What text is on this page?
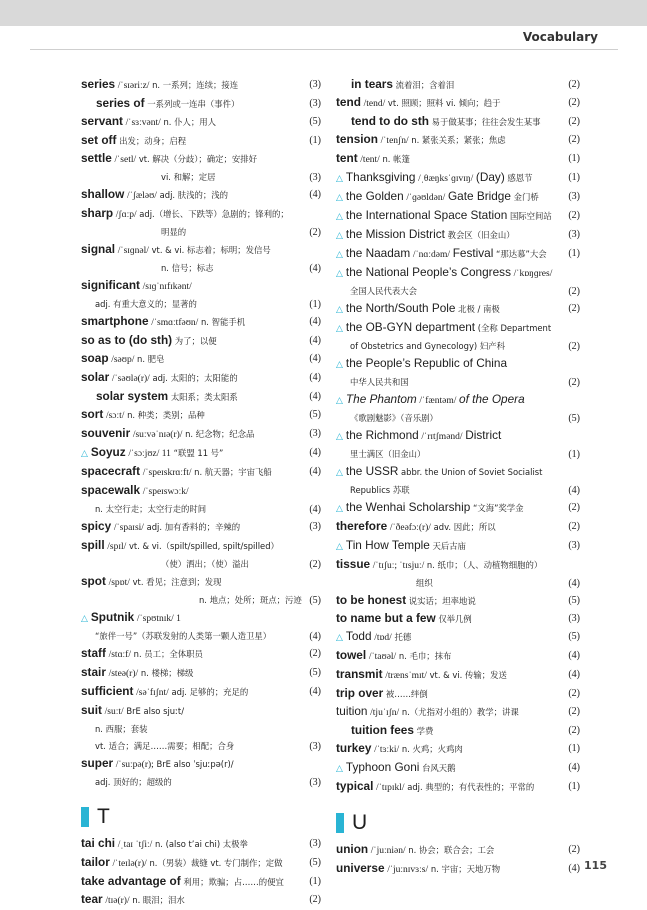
Vocabulary
series /ˈsɪəriːz/ n. 一系列；连续；接连	(3)
series of 一系列或一连串（事件）	(3)
servant /ˈsɜːvənt/ n. 仆人；用人	(5)
set off 出发；动身；启程	(1)
settle /ˈsetl/ vt. 解决（分歧）；确定；安排好
vi. 和解；定居	(3)
shallow /ˈʃæləʊ/ adj. 肤浅的；浅的	(4)
sharp /ʃɑːp/ adj.（增长、下跌等）急剧的；锋利的；
明显的	(2)
signal /ˈsɪɡnəl/ vt. & vi. 标志着；标明；发信号
n. 信号；标志	(4)
significant /sɪɡˈnɪfɪkənt/
adj. 有重大意义的；显著的	(1)
smartphone /ˈsmɑːtfəʊn/ n. 智能手机	(4)
so as to (do sth) 为了；以便	(4)
soap /səʊp/ n. 肥皂	(4)
solar /ˈsəʊlə(r)/ adj. 太阳的；太阳能的	(4)
solar system 太阳系；类太阳系	(4)
sort /sɔːt/ n. 种类；类别；品种	(5)
souvenir /suːvəˈnɪə(r)/ n. 纪念物；纪念品	(3)
△ Soyuz /ˈsɔːjʊz/ 11 “联盟 11 号”	(4)
spacecraft /ˈspeɪskrɑːft/ n. 航天器；宇宙飞船	(4)
spacewalk /ˈspeɪswɔːk/
n. 太空行走；太空行走的时间	(4)
spicy /ˈspaɪsi/ adj. 加有香料的；辛辣的	(3)
spill /spɪl/ vt. & vi.（spilt/spilled, spilt/spilled）
（使）洒出；（使）溢出	(2)
spot /spɒt/ vt. 看见；注意到；发现
n. 地点；处所；斑点；污迹 (5)
△ Sputnik /ˈspʊtnɪk/ 1
“旅伴一号”（苏联发射的人类第一颗人造卫星）	(4)
staff /stɑːf/ n. 员工；全体职员	(2)
stair /steə(r)/ n. 楼梯；梯级	(5)
sufficient /səˈfɪʃnt/ adj. 足够的；充足的	(4)
suit /suːt/ BrE also sjuːt/
n. 西服；套装
vt. 适合；满足……需要；相配；合身	(3)
super /ˈsuːpə(r); BrE also ˈsjuːpə(r)/
adj. 顶好的；超级的	(3)
T
tai chi /ˌtaɪ ˈtʃiː/ n. (also t’ai chi) 太极拳	(3)
tailor /ˈteɪlə(r)/ n.（男装）裁缝 vt. 专门制作；定做	(5)
take advantage of 利用；欺骗；占……的便宜	(1)
tear /tɪə(r)/ n. 眼泪；泪水	(2)
in tears 流着泪；含着泪	(2)
tend /tend/ vt. 照顾；照料 vi. 倾向；趋于	(2)
tend to do sth 易于做某事；往往会发生某事	(2)
tension /ˈtenʃn/ n. 紧张关系；紧张；焦虑	(2)
tent /tent/ n. 帐篷	(1)
△ Thanksgiving /ˌθæŋksˈɡɪvɪŋ/ (Day) 感恩节	(1)
△ the Golden /ˈɡəʊldən/ Gate Bridge 金门桥	(3)
△ the International Space Station 国际空间站 (2)
△ the Mission District 教会区（旧金山）	(3)
△ the Naadam /ˈnɑːdəm/ Festival “那达慕”大会 (1)
△ the National People’s Congress /ˈkɒŋɡres/
全国人民代表大会	(2)
△ the North/South Pole 北极 / 南极	(2)
△ the OB-GYN department (全称 Department
of Obstetrics and Gynecology) 妇产科	(2)
△ the People’s Republic of China
中华人民共和国	(2)
△ The Phantom /ˈfæntəm/ of the Opera
《歌剧魅影》（音乐剧）	(5)
△ the Richmond /ˈrɪtʃmənd/ District
里士满区（旧金山）	(1)
△ the USSR abbr. the Union of Soviet Socialist
Republics 苏联	(4)
△ the Wenhai Scholarship “文海”奖学金	(2)
therefore /ˈðeəfɔː(r)/ adv. 因此；所以	(2)
△ Tin How Temple 天后古庙	(3)
tissue /ˈtɪʃuː; ˈtɪsjuː/ n. 纸巾；（人、动植物细胞的）
组织	(4)
to be honest 说实话；坦率地说	(5)
to name but a few 仅举几例	(3)
△ Todd /tɒd/ 托德	(5)
towel /ˈtaʊəl/ n. 毛巾；抹布	(4)
transmit /trænsˈmɪt/ vt. & vi. 传输；发送	(4)
trip over 被……绊倒	(2)
tuition /tjuˈɪʃn/ n.（尤指对小组的）教学；讲课	(2)
tuition fees 学费	(2)
turkey /ˈtɜːki/ n. 火鸡；火鸡肉	(1)
△ Typhoon Goni 台风天鹅	(4)
typical /ˈtɪpɪkl/ adj. 典型的；有代表性的；平常的	(1)
U
union /ˈjuːniən/ n. 协会；联合会；工会	(2)
universe /ˈjuːnɪvɜːs/ n. 宇宙；天地万物	(4) 115
